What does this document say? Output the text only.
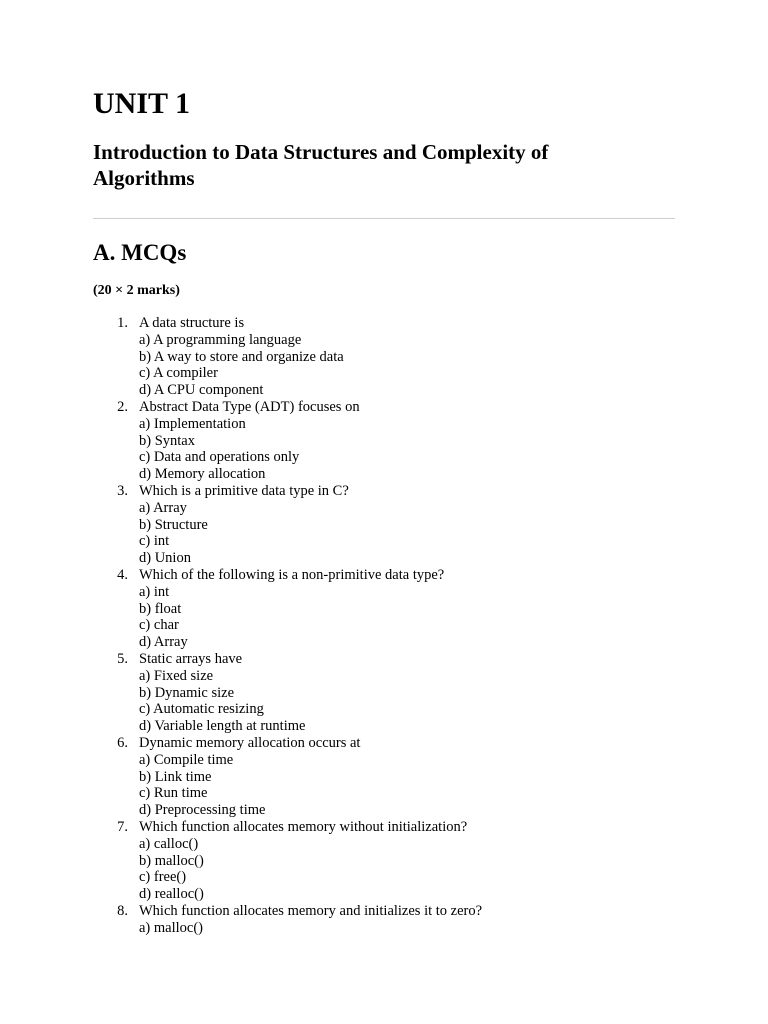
UNIT 1
Introduction to Data Structures and Complexity of Algorithms
A. MCQs

(20 × 2 marks)

1. A data structure is
a) A programming language
b) A way to store and organize data
c) A compiler
d) A CPU component
2. Abstract Data Type (ADT) focuses on
a) Implementation
b) Syntax
c) Data and operations only
d) Memory allocation
3. Which is a primitive data type in C?
a) Array
b) Structure
c) int
d) Union
4. Which of the following is a non-primitive data type?
a) int
b) float
c) char
d) Array
5. Static arrays have
a) Fixed size
b) Dynamic size
c) Automatic resizing
d) Variable length at runtime
6. Dynamic memory allocation occurs at
a) Compile time
b) Link time
c) Run time
d) Preprocessing time
7. Which function allocates memory without initialization?
a) calloc()
b) malloc()
c) free()
d) realloc()
8. Which function allocates memory and initializes it to zero?
a) malloc()
